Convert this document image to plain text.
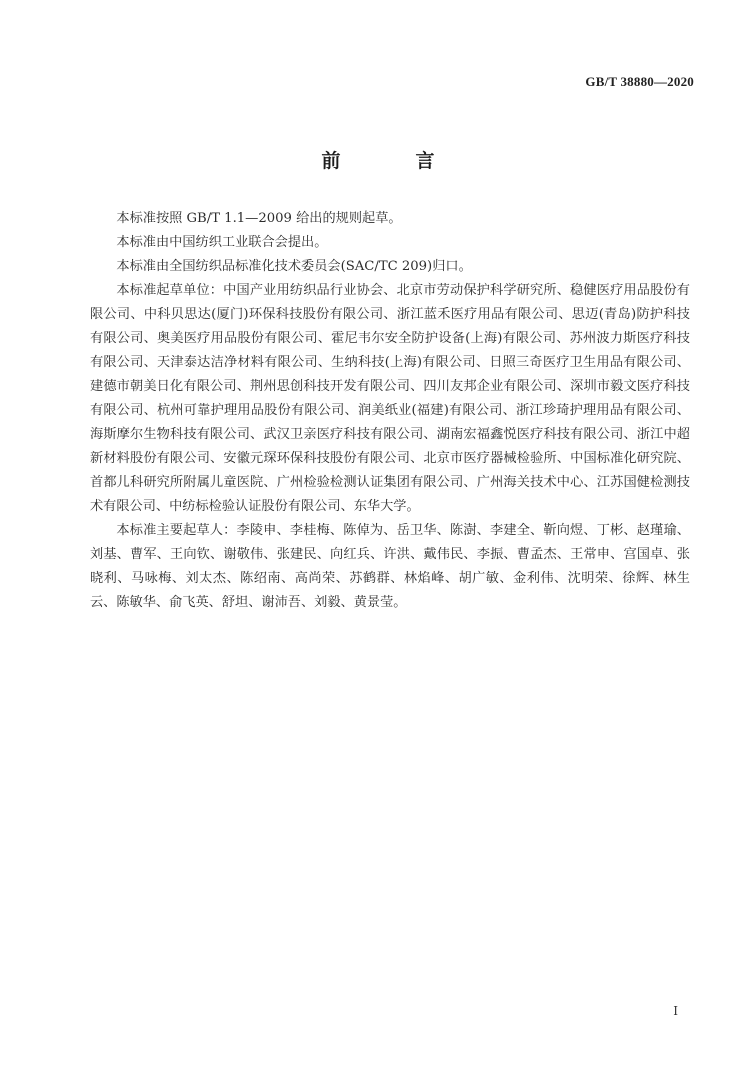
GB/T 38880—2020
前　言

本标准按照 GB/T 1.1—2009 给出的规则起草。

本标准由中国纺织工业联合会提出。

本标准由全国纺织品标准化技术委员会(SAC/TC 209)归口。

本标准起草单位：中国产业用纺织品行业协会、北京市劳动保护科学研究所、稳健医疗用品股份有限公司、中科贝思达(厦门)环保科技股份有限公司、浙江蓝禾医疗用品有限公司、思迈(青岛)防护科技有限公司、奥美医疗用品股份有限公司、霍尼韦尔安全防护设备(上海)有限公司、苏州波力斯医疗科技有限公司、天津泰达洁净材料有限公司、生纳科技(上海)有限公司、日照三奇医疗卫生用品有限公司、建德市朝美日化有限公司、荆州思创科技开发有限公司、四川友邦企业有限公司、深圳市毅文医疗科技有限公司、杭州可靠护理用品股份有限公司、润美纸业(福建)有限公司、浙江珍琦护理用品有限公司、海斯摩尔生物科技有限公司、武汉卫亲医疗科技有限公司、湖南宏福鑫悦医疗科技有限公司、浙江中超新材料股份有限公司、安徽元琛环保科技股份有限公司、北京市医疗器械检验所、中国标准化研究院、首都儿科研究所附属儿童医院、广州检验检测认证集团有限公司、广州海关技术中心、江苏国健检测技术有限公司、中纺标检验认证股份有限公司、东华大学。

本标准主要起草人：李陵申、李桂梅、陈倬为、岳卫华、陈澍、李建全、靳向煜、丁彬、赵瑾瑜、刘基、曹军、王向钦、谢敬伟、张建民、向红兵、许洪、戴伟民、李振、曹孟杰、王常申、宫国卓、张晓利、马咏梅、刘太杰、陈绍南、高尚荣、苏鹤群、林焰峰、胡广敏、金利伟、沈明荣、徐辉、林生云、陈敏华、俞飞英、舒坦、谢沛吾、刘毅、黄景莹。

I
